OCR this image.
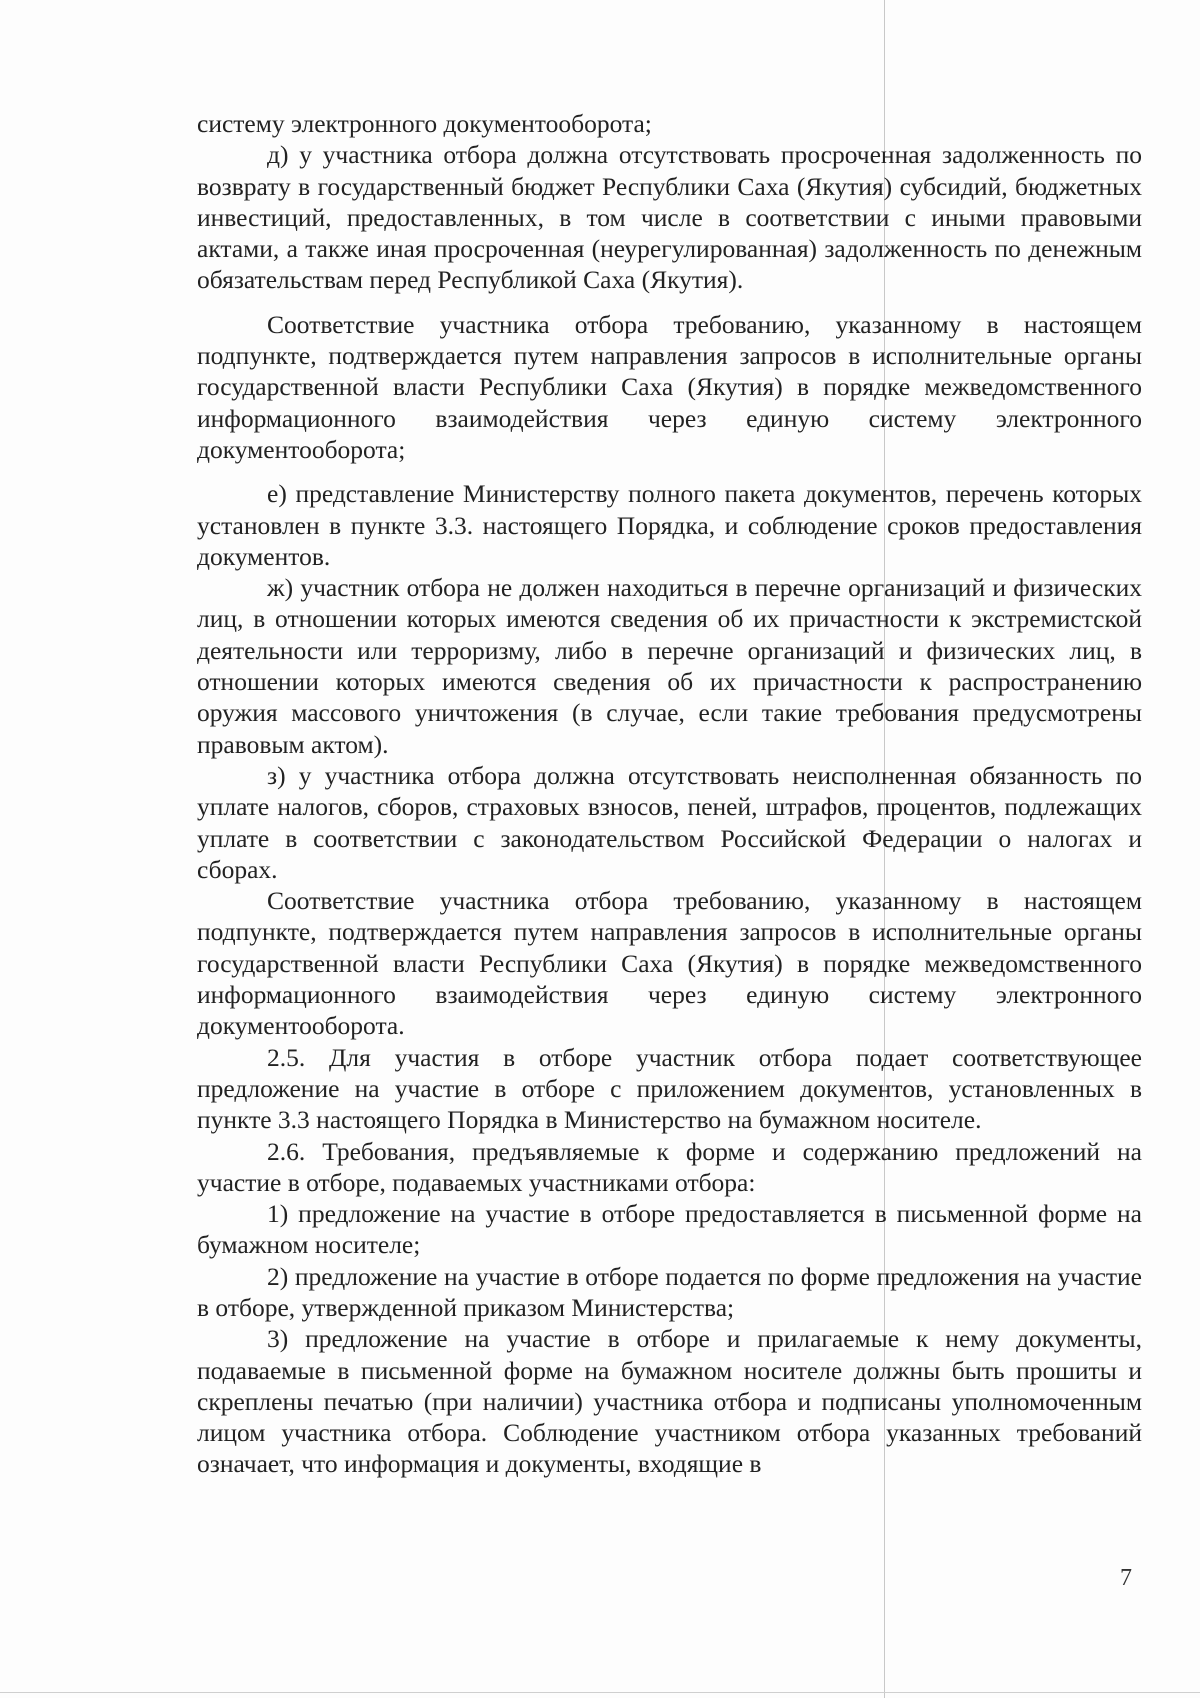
систему электронного документооборота;

д) у участника отбора должна отсутствовать просроченная задолженность по возврату в государственный бюджет Республики Саха (Якутия) субсидий, бюджетных инвестиций, предоставленных, в том числе в соответствии с иными правовыми актами, а также иная просроченная (неурегулированная) задолженность по денежным обязательствам перед Республикой Саха (Якутия).

Соответствие участника отбора требованию, указанному в настоящем подпункте, подтверждается путем направления запросов в исполнительные органы государственной власти Республики Саха (Якутия) в порядке межведомственного информационного взаимодействия через единую систему электронного документооборота;

е) представление Министерству полного пакета документов, перечень которых установлен в пункте 3.3. настоящего Порядка, и соблюдение сроков предоставления документов.

ж) участник отбора не должен находиться в перечне организаций и физических лиц, в отношении которых имеются сведения об их причастности к экстремистской деятельности или терроризму, либо в перечне организаций и физических лиц, в отношении которых имеются сведения об их причастности к распространению оружия массового уничтожения (в случае, если такие требования предусмотрены правовым актом).

з) у участника отбора должна отсутствовать неисполненная обязанность по уплате налогов, сборов, страховых взносов, пеней, штрафов, процентов, подлежащих уплате в соответствии с законодательством Российской Федерации о налогах и сборах.

Соответствие участника отбора требованию, указанному в настоящем подпункте, подтверждается путем направления запросов в исполнительные органы государственной власти Республики Саха (Якутия) в порядке межведомственного информационного взаимодействия через единую систему электронного документооборота.

2.5. Для участия в отборе участник отбора подает соответствующее предложение на участие в отборе с приложением документов, установленных в пункте 3.3 настоящего Порядка в Министерство на бумажном носителе.

2.6. Требования, предъявляемые к форме и содержанию предложений на участие в отборе, подаваемых участниками отбора:

1) предложение на участие в отборе предоставляется в письменной форме на бумажном носителе;

2) предложение на участие в отборе подается по форме предложения на участие в отборе, утвержденной приказом Министерства;

3) предложение на участие в отборе и прилагаемые к нему документы, подаваемые в письменной форме на бумажном носителе должны быть прошиты и скреплены печатью (при наличии) участника отбора и подписаны уполномоченным лицом участника отбора. Соблюдение участником отбора указанных требований означает, что информация и документы, входящие в

7
